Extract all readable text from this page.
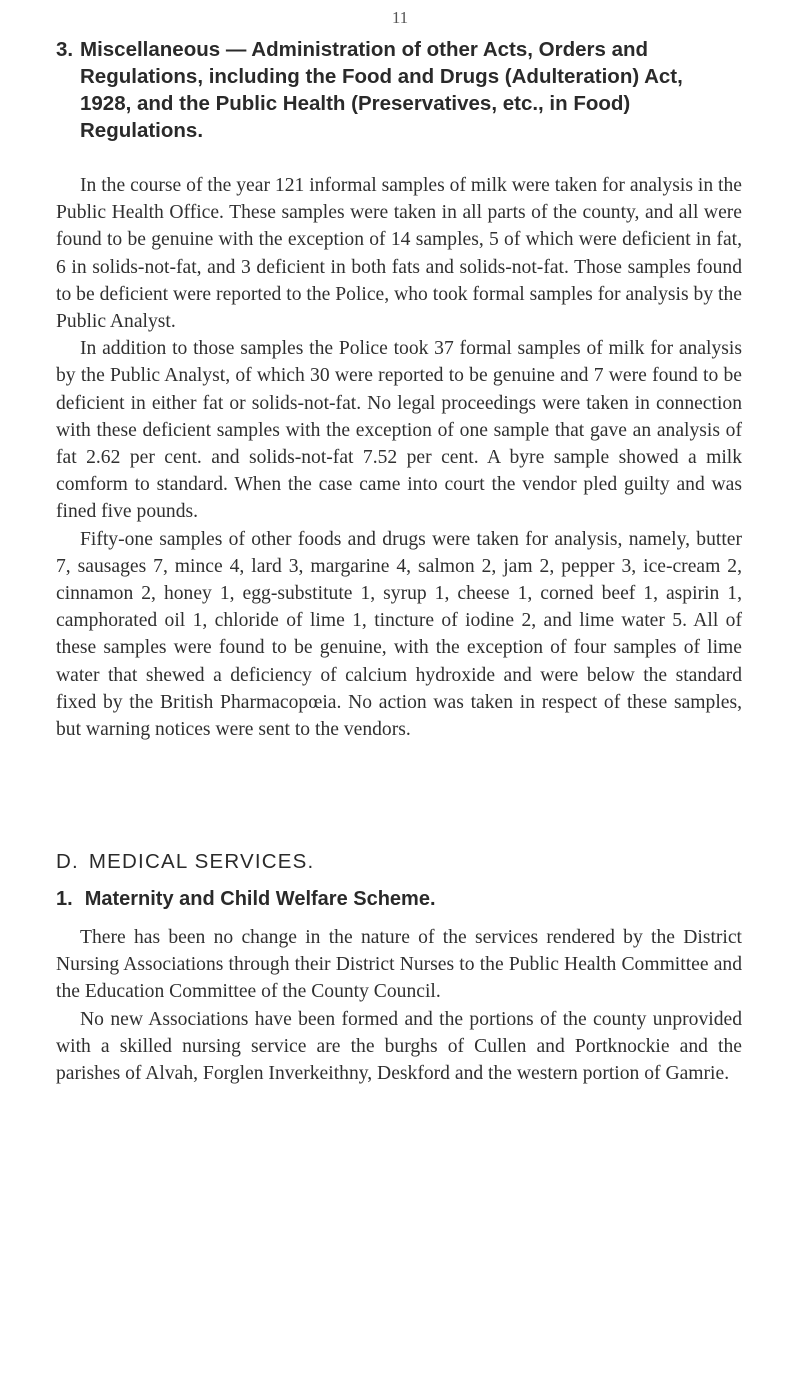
11
3. Miscellaneous — Administration of other Acts, Orders and Regulations, including the Food and Drugs (Adulteration) Act, 1928, and the Public Health (Preservatives, etc., in Food) Regulations.

In the course of the year 121 informal samples of milk were taken for analysis in the Public Health Office. These samples were taken in all parts of the county, and all were found to be genuine with the exception of 14 samples, 5 of which were deficient in fat, 6 in solids-not-fat, and 3 deficient in both fats and solids-not-fat. Those samples found to be deficient were reported to the Police, who took formal samples for analysis by the Public Analyst.

In addition to those samples the Police took 37 formal samples of milk for analysis by the Public Analyst, of which 30 were reported to be genuine and 7 were found to be deficient in either fat or solids-not-fat. No legal proceedings were taken in connection with these deficient samples with the exception of one sample that gave an analysis of fat 2.62 per cent. and solids-not-fat 7.52 per cent. A byre sample showed a milk comform to standard. When the case came into court the vendor pled guilty and was fined five pounds.

Fifty-one samples of other foods and drugs were taken for analysis, namely, butter 7, sausages 7, mince 4, lard 3, margarine 4, salmon 2, jam 2, pepper 3, ice-cream 2, cinnamon 2, honey 1, egg-substitute 1, syrup 1, cheese 1, corned beef 1, aspirin 1, camphorated oil 1, chloride of lime 1, tincture of iodine 2, and lime water 5. All of these samples were found to be genuine, with the exception of four samples of lime water that shewed a deficiency of calcium hydroxide and were below the standard fixed by the British Pharmacopœia. No action was taken in respect of these samples, but warning notices were sent to the vendors.

D. MEDICAL SERVICES.
1. Maternity and Child Welfare Scheme.

There has been no change in the nature of the services rendered by the District Nursing Associations through their District Nurses to the Public Health Committee and the Education Committee of the County Council.

No new Associations have been formed and the portions of the county unprovided with a skilled nursing service are the burghs of Cullen and Portknockie and the parishes of Alvah, Forglen Inverkeithny, Deskford and the western portion of Gamrie.
